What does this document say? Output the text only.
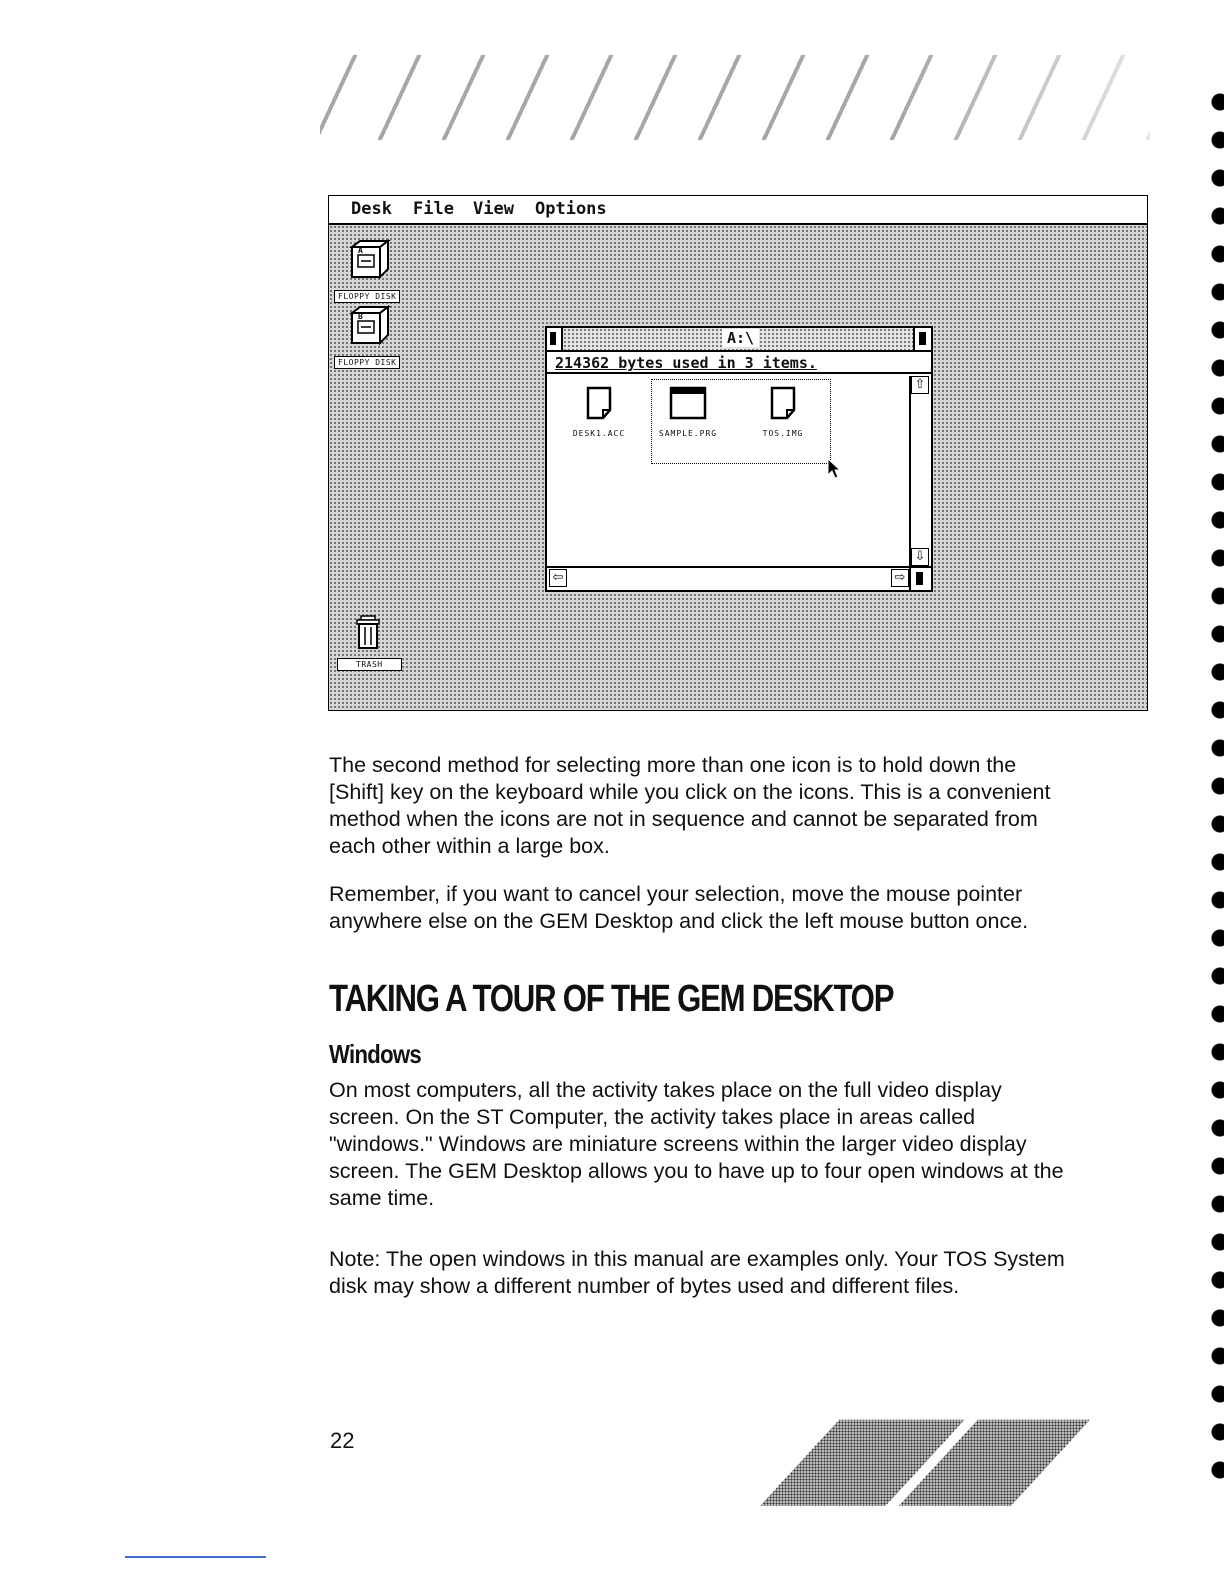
Desk File View Options
A

FLOPPY DISK
B

FLOPPY DISK

TRASH
A:\
214362 bytes used in 3 items.
DESK1.ACC	SAMPLE.PRG	TOS.IMG
⇧
⇩
⇦	⇨
The second method for selecting more than one icon is to hold down the [Shift] key on the keyboard while you click on the icons. This is a convenient method when the icons are not in sequence and cannot be separated from each other within a large box.
Remember, if you want to cancel your selection, move the mouse pointer anywhere else on the GEM Desktop and click the left mouse button once.
TAKING A TOUR OF THE GEM DESKTOP
Windows
On most computers, all the activity takes place on the full video display screen. On the ST Computer, the activity takes place in areas called "windows." Windows are miniature screens within the larger video display screen. The GEM Desktop allows you to have up to four open windows at the same time.
Note: The open windows in this manual are examples only. Your TOS System disk may show a different number of bytes used and different files.
22
